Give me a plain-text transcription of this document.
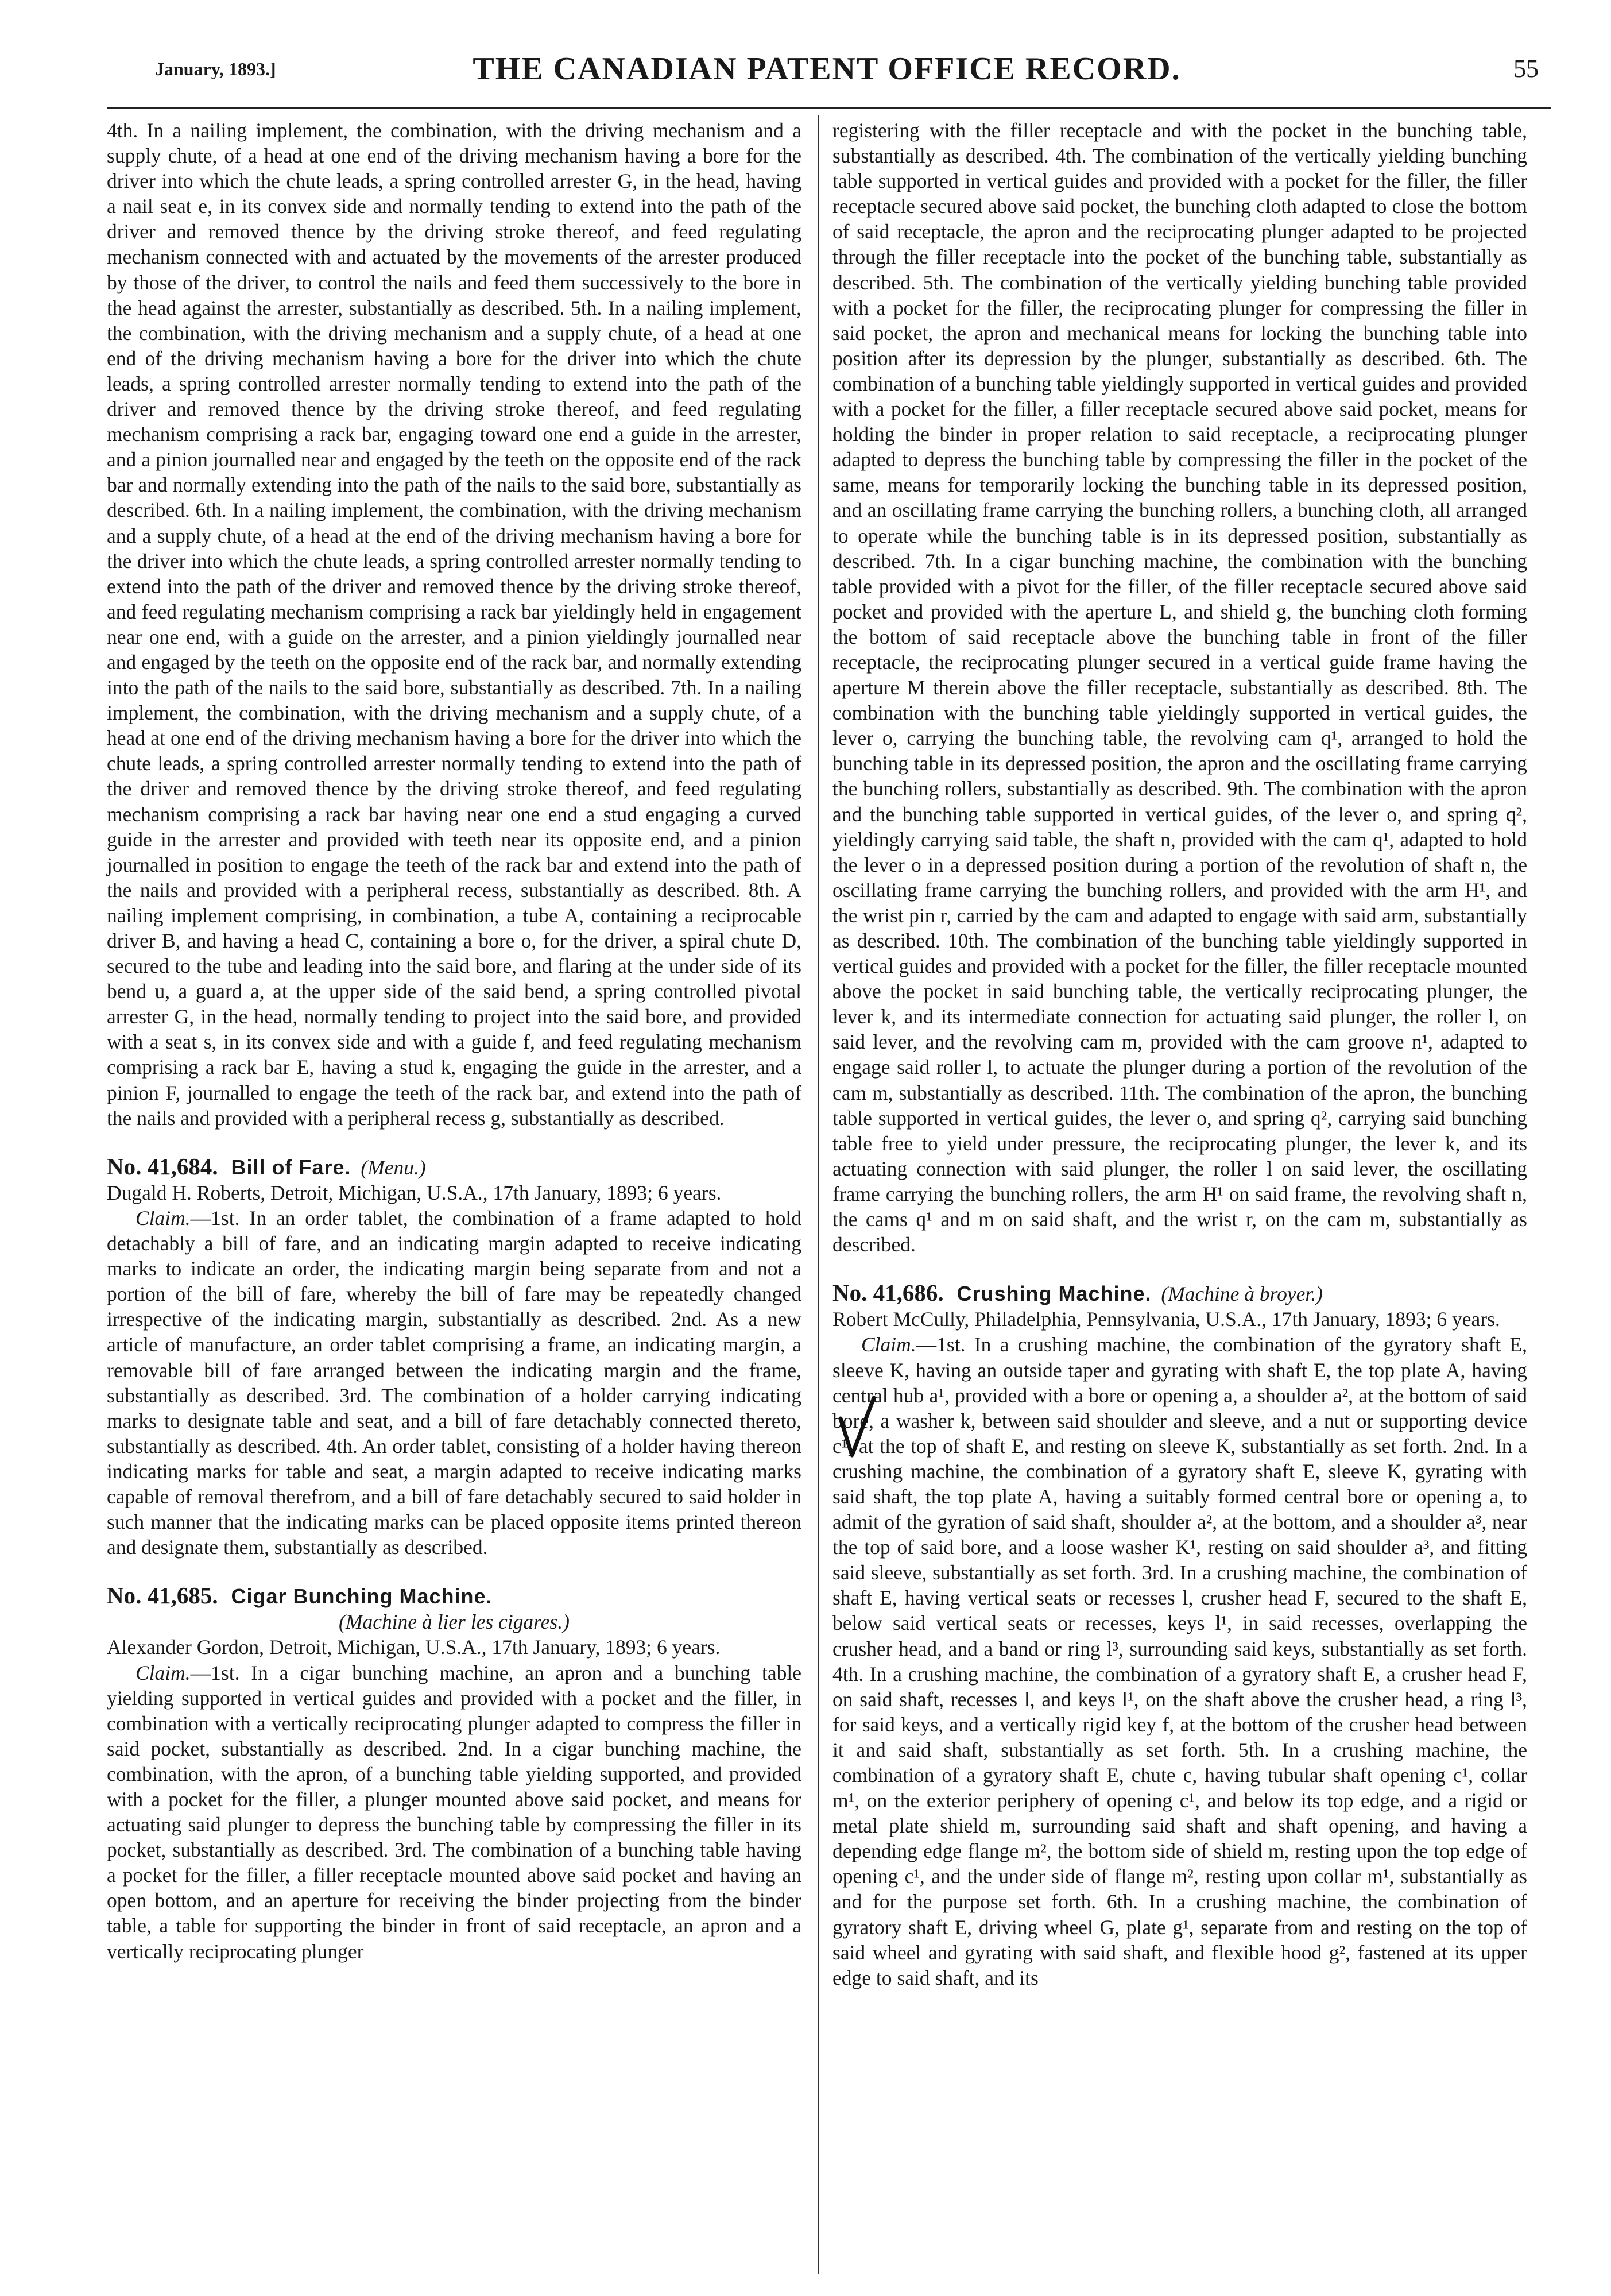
January, 1893.]	THE CANADIAN PATENT OFFICE RECORD.	55

4th. In a nailing implement, the combination, with the driving mechanism and a supply chute, of a head at one end of the driving mechanism having a bore for the driver into which the chute leads, a spring controlled arrester G, in the head, having a nail seat e, in its convex side and normally tending to extend into the path of the driver and removed thence by the driving stroke thereof, and feed regulating mechanism connected with and actuated by the movements of the arrester produced by those of the driver, to control the nails and feed them successively to the bore in the head against the arrester, substantially as described. 5th. In a nailing implement, the combination, with the driving mechanism and a supply chute, of a head at one end of the driving mechanism having a bore for the driver into which the chute leads, a spring controlled arrester normally tending to extend into the path of the driver and removed thence by the driving stroke thereof, and feed regulating mechanism comprising a rack bar, engaging toward one end a guide in the arrester, and a pinion journalled near and engaged by the teeth on the opposite end of the rack bar and normally extending into the path of the nails to the said bore, substantially as described. 6th. In a nailing implement, the combination, with the driving mechanism and a supply chute, of a head at the end of the driving mechanism having a bore for the driver into which the chute leads, a spring controlled arrester normally tending to extend into the path of the driver and removed thence by the driving stroke thereof, and feed regulating mechanism comprising a rack bar yieldingly held in engagement near one end, with a guide on the arrester, and a pinion yieldingly journalled near and engaged by the teeth on the opposite end of the rack bar, and normally extending into the path of the nails to the said bore, substantially as described. 7th. In a nailing implement, the combination, with the driving mechanism and a supply chute, of a head at one end of the driving mechanism having a bore for the driver into which the chute leads, a spring controlled arrester normally tending to extend into the path of the driver and removed thence by the driving stroke thereof, and feed regulating mechanism comprising a rack bar having near one end a stud engaging a curved guide in the arrester and provided with teeth near its opposite end, and a pinion journalled in position to engage the teeth of the rack bar and extend into the path of the nails and provided with a peripheral recess, substantially as described. 8th. A nailing implement comprising, in combination, a tube A, containing a reciprocable driver B, and having a head C, containing a bore o, for the driver, a spiral chute D, secured to the tube and leading into the said bore, and flaring at the under side of its bend u, a guard a, at the upper side of the said bend, a spring controlled pivotal arrester G, in the head, normally tending to project into the said bore, and provided with a seat s, in its convex side and with a guide f, and feed regulating mechanism comprising a rack bar E, having a stud k, engaging the guide in the arrester, and a pinion F, journalled to engage the teeth of the rack bar, and extend into the path of the nails and provided with a peripheral recess g, substantially as described.

No. 41,684. Bill of Fare. (Menu.)

Dugald H. Roberts, Detroit, Michigan, U.S.A., 17th January, 1893; 6 years.

Claim.—1st. In an order tablet, the combination of a frame adapted to hold detachably a bill of fare, and an indicating margin adapted to receive indicating marks to indicate an order, the indicating margin being separate from and not a portion of the bill of fare, whereby the bill of fare may be repeatedly changed irrespective of the indicating margin, substantially as described. 2nd. As a new article of manufacture, an order tablet comprising a frame, an indicating margin, a removable bill of fare arranged between the indicating margin and the frame, substantially as described. 3rd. The combination of a holder carrying indicating marks to designate table and seat, and a bill of fare detachably connected thereto, substantially as described. 4th. An order tablet, consisting of a holder having thereon indicating marks for table and seat, a margin adapted to receive indicating marks capable of removal therefrom, and a bill of fare detachably secured to said holder in such manner that the indicating marks can be placed opposite items printed thereon and designate them, substantially as described.

No. 41,685. Cigar Bunching Machine.

(Machine à lier les cigares.)

Alexander Gordon, Detroit, Michigan, U.S.A., 17th January, 1893; 6 years.

Claim.—1st. In a cigar bunching machine, an apron and a bunching table yielding supported in vertical guides and provided with a pocket and the filler, in combination with a vertically reciprocating plunger adapted to compress the filler in said pocket, substantially as described. 2nd. In a cigar bunching machine, the combination, with the apron, of a bunching table yielding supported, and provided with a pocket for the filler, a plunger mounted above said pocket, and means for actuating said plunger to depress the bunching table by compressing the filler in its pocket, substantially as described. 3rd. The combination of a bunching table having a pocket for the filler, a filler receptacle mounted above said pocket and having an open bottom, and an aperture for receiving the binder projecting from the binder table, a table for supporting the binder in front of said receptacle, an apron and a vertically reciprocating plunger

registering with the filler receptacle and with the pocket in the bunching table, substantially as described. 4th. The combination of the vertically yielding bunching table supported in vertical guides and provided with a pocket for the filler, the filler receptacle secured above said pocket, the bunching cloth adapted to close the bottom of said receptacle, the apron and the reciprocating plunger adapted to be projected through the filler receptacle into the pocket of the bunching table, substantially as described. 5th. The combination of the vertically yielding bunching table provided with a pocket for the filler, the reciprocating plunger for compressing the filler in said pocket, the apron and mechanical means for locking the bunching table into position after its depression by the plunger, substantially as described. 6th. The combination of a bunching table yieldingly supported in vertical guides and provided with a pocket for the filler, a filler receptacle secured above said pocket, means for holding the binder in proper relation to said receptacle, a reciprocating plunger adapted to depress the bunching table by compressing the filler in the pocket of the same, means for temporarily locking the bunching table in its depressed position, and an oscillating frame carrying the bunching rollers, a bunching cloth, all arranged to operate while the bunching table is in its depressed position, substantially as described. 7th. In a cigar bunching machine, the combination with the bunching table provided with a pivot for the filler, of the filler receptacle secured above said pocket and provided with the aperture L, and shield g, the bunching cloth forming the bottom of said receptacle above the bunching table in front of the filler receptacle, the reciprocating plunger secured in a vertical guide frame having the aperture M therein above the filler receptacle, substantially as described. 8th. The combination with the bunching table yieldingly supported in vertical guides, the lever o, carrying the bunching table, the revolving cam q¹, arranged to hold the bunching table in its depressed position, the apron and the oscillating frame carrying the bunching rollers, substantially as described. 9th. The combination with the apron and the bunching table supported in vertical guides, of the lever o, and spring q², yieldingly carrying said table, the shaft n, provided with the cam q¹, adapted to hold the lever o in a depressed position during a portion of the revolution of shaft n, the oscillating frame carrying the bunching rollers, and provided with the arm H¹, and the wrist pin r, carried by the cam and adapted to engage with said arm, substantially as described. 10th. The combination of the bunching table yieldingly supported in vertical guides and provided with a pocket for the filler, the filler receptacle mounted above the pocket in said bunching table, the vertically reciprocating plunger, the lever k, and its intermediate connection for actuating said plunger, the roller l, on said lever, and the revolving cam m, provided with the cam groove n¹, adapted to engage said roller l, to actuate the plunger during a portion of the revolution of the cam m, substantially as described. 11th. The combination of the apron, the bunching table supported in vertical guides, the lever o, and spring q², carrying said bunching table free to yield under pressure, the reciprocating plunger, the lever k, and its actuating connection with said plunger, the roller l on said lever, the oscillating frame carrying the bunching rollers, the arm H¹ on said frame, the revolving shaft n, the cams q¹ and m on said shaft, and the wrist r, on the cam m, substantially as described.

No. 41,686. Crushing Machine. (Machine à broyer.)

Robert McCully, Philadelphia, Pennsylvania, U.S.A., 17th January, 1893; 6 years.

Claim.—1st. In a crushing machine, the combination of the gyratory shaft E, sleeve K, having an outside taper and gyrating with shaft E, the top plate A, having central hub a¹, provided with a bore or opening a, a shoulder a², at the bottom of said bore, a washer k, between said shoulder and sleeve, and a nut or supporting device c¹, at the top of shaft E, and resting on sleeve K, substantially as set forth. 2nd. In a crushing machine, the combination of a gyratory shaft E, sleeve K, gyrating with said shaft, the top plate A, having a suitably formed central bore or opening a, to admit of the gyration of said shaft, shoulder a², at the bottom, and a shoulder a³, near the top of said bore, and a loose washer K¹, resting on said shoulder a³, and fitting said sleeve, substantially as set forth. 3rd. In a crushing machine, the combination of shaft E, having vertical seats or recesses l, crusher head F, secured to the shaft E, below said vertical seats or recesses, keys l¹, in said recesses, overlapping the crusher head, and a band or ring l³, surrounding said keys, substantially as set forth. 4th. In a crushing machine, the combination of a gyratory shaft E, a crusher head F, on said shaft, recesses l, and keys l¹, on the shaft above the crusher head, a ring l³, for said keys, and a vertically rigid key f, at the bottom of the crusher head between it and said shaft, substantially as set forth. 5th. In a crushing machine, the combination of a gyratory shaft E, chute c, having tubular shaft opening c¹, collar m¹, on the exterior periphery of opening c¹, and below its top edge, and a rigid or metal plate shield m, surrounding said shaft and shaft opening, and having a depending edge flange m², the bottom side of shield m, resting upon the top edge of opening c¹, and the under side of flange m², resting upon collar m¹, substantially as and for the purpose set forth. 6th. In a crushing machine, the combination of gyratory shaft E, driving wheel G, plate g¹, separate from and resting on the top of said wheel and gyrating with said shaft, and flexible hood g², fastened at its upper edge to said shaft, and its
